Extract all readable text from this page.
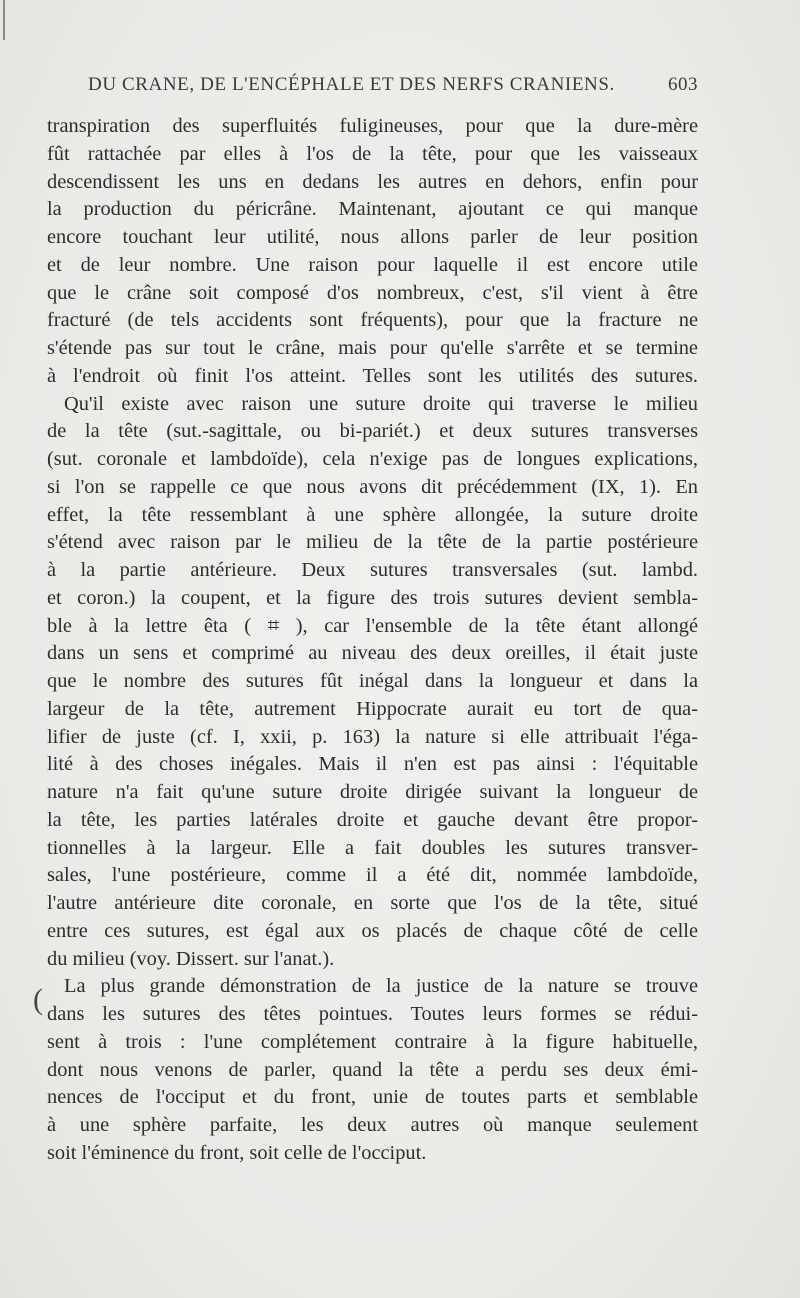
DU CRANE, DE L'ENCÉPHALE ET DES NERFS CRANIENS.	603
(
transpiration des superfluités fuligineuses, pour que la dure-mère
fût rattachée par elles à l'os de la tête, pour que les vaisseaux
descendissent les uns en dedans les autres en dehors, enfin pour
la production du péricrâne. Maintenant, ajoutant ce qui manque
encore touchant leur utilité, nous allons parler de leur position
et de leur nombre. Une raison pour laquelle il est encore utile
que le crâne soit composé d'os nombreux, c'est, s'il vient à être
fracturé (de tels accidents sont fréquents), pour que la fracture ne
s'étende pas sur tout le crâne, mais pour qu'elle s'arrête et se termine
à l'endroit où finit l'os atteint. Telles sont les utilités des sutures.
Qu'il existe avec raison une suture droite qui traverse le milieu
de la tête (sut.-sagittale, ou bi-pariét.) et deux sutures transverses
(sut. coronale et lambdoïde), cela n'exige pas de longues explications,
si l'on se rappelle ce que nous avons dit précédemment (IX, 1). En
effet, la tête ressemblant à une sphère allongée, la suture droite
s'étend avec raison par le milieu de la tête de la partie postérieure
à la partie antérieure. Deux sutures transversales (sut. lambd.
et coron.) la coupent, et la figure des trois sutures devient sembla-
ble à la lettre êta ( ⌗ ), car l'ensemble de la tête étant allongé
dans un sens et comprimé au niveau des deux oreilles, il était juste
que le nombre des sutures fût inégal dans la longueur et dans la
largeur de la tête, autrement Hippocrate aurait eu tort de qua-
lifier de juste (cf. I, xxii, p. 163) la nature si elle attribuait l'éga-
lité à des choses inégales. Mais il n'en est pas ainsi : l'équitable
nature n'a fait qu'une suture droite dirigée suivant la longueur de
la tête, les parties latérales droite et gauche devant être propor-
tionnelles à la largeur. Elle a fait doubles les sutures transver-
sales, l'une postérieure, comme il a été dit, nommée lambdoïde,
l'autre antérieure dite coronale, en sorte que l'os de la tête, situé
entre ces sutures, est égal aux os placés de chaque côté de celle
du milieu (voy. Dissert. sur l'anat.).
La plus grande démonstration de la justice de la nature se trouve
dans les sutures des têtes pointues. Toutes leurs formes se rédui-
sent à trois : l'une complétement contraire à la figure habituelle,
dont nous venons de parler, quand la tête a perdu ses deux émi-
nences de l'occiput et du front, unie de toutes parts et semblable
à une sphère parfaite, les deux autres où manque seulement
soit l'éminence du front, soit celle de l'occiput.
